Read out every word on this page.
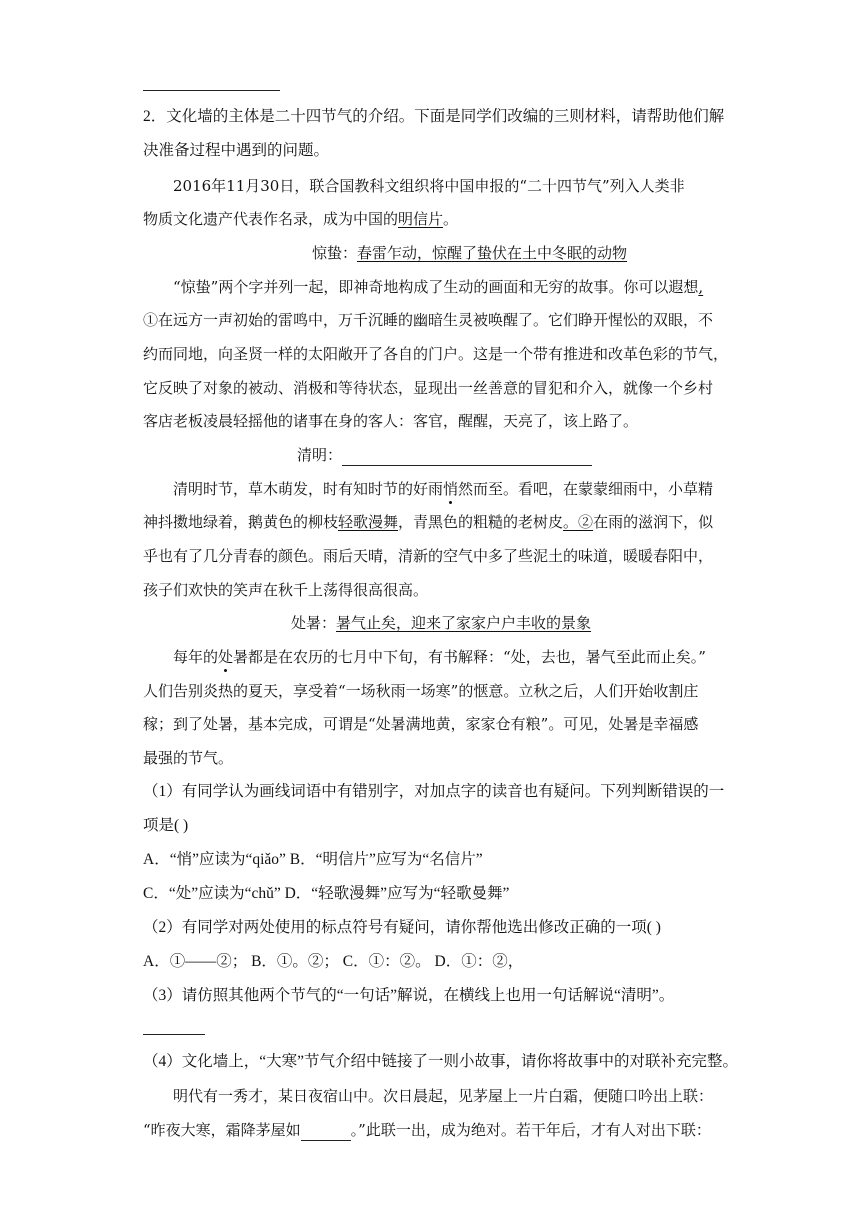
2．文化墙的主体是二十四节气的介绍。下面是同学们改编的三则材料，请帮助他们解
决准备过程中遇到的问题。
2016年11月30日，联合国教科文组织将中国申报的“二十四节气”列入人类非
物质文化遗产代表作名录，成为中国的明信片。
惊蛰：春雷乍动，惊醒了蛰伏在土中冬眠的动物
“惊蛰”两个字并列一起，即神奇地构成了生动的画面和无穷的故事。你可以遐想,
①在远方一声初始的雷鸣中，万千沉睡的幽暗生灵被唤醒了。它们睁开惺忪的双眼，不
约而同地，向圣贤一样的太阳敞开了各自的门户。这是一个带有推进和改革色彩的节气，
它反映了对象的被动、消极和等待状态，显现出一丝善意的冒犯和介入，就像一个乡村
客店老板凌晨轻摇他的诸事在身的客人：客官，醒醒，天亮了，该上路了。
清明：
清明时节，草木萌发，时有知时节的好雨悄然而至。看吧，在蒙蒙细雨中，小草精
神抖擞地绿着，鹅黄色的柳枝轻歌漫舞，青黑色的粗糙的老树皮。②在雨的滋润下，似
乎也有了几分青春的颜色。雨后天晴，清新的空气中多了些泥土的味道，暖暖春阳中，
孩子们欢快的笑声在秋千上荡得很高很高。
处暑：暑气止矣，迎来了家家户户丰收的景象
每年的处暑都是在农历的七月中下旬，有书解释：“处，去也，暑气至此而止矣。”
人们告别炎热的夏天，享受着“一场秋雨一场寒”的惬意。立秋之后，人们开始收割庄
稼；到了处暑，基本完成，可谓是“处暑满地黄，家家仓有粮”。可见，处暑是幸福感
最强的节气。
（1）有同学认为画线词语中有错别字，对加点字的读音也有疑问。下列判断错误的一
项是( )
A．“悄”应读为“qiǎo” B．“明信片”应写为“名信片”
C．“处”应读为“chǔ” D．“轻歌漫舞”应写为“轻歌曼舞”
（2）有同学对两处使用的标点符号有疑问，请你帮他选出修改正确的一项( )
A．①——②； B．①。②； C．①：②。 D．①：②，
（3）请仿照其他两个节气的“一句话”解说，在横线上也用一句话解说“清明”。
（4）文化墙上，“大寒”节气介绍中链接了一则小故事，请你将故事中的对联补充完整。
明代有一秀才，某日夜宿山中。次日晨起，见茅屋上一片白霜，便随口吟出上联：
“昨夜大寒，霜降茅屋如	。”此联一出，成为绝对。若干年后，才有人对出下联：
